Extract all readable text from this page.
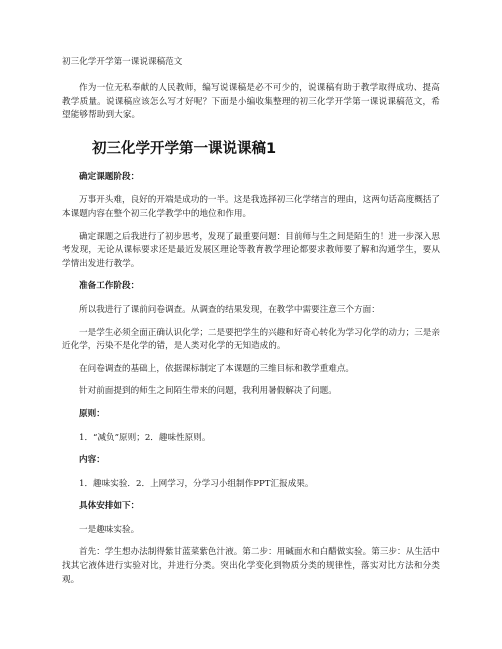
初三化学开学第一课说课稿范文
作为一位无私奉献的人民教师，编写说课稿是必不可少的，说课稿有助于教学取得成功、提高教学质量。说课稿应该怎么写才好呢？下面是小编收集整理的初三化学开学第一课说课稿范文，希望能够帮助到大家。
初三化学开学第一课说课稿1
确定课题阶段：
万事开头难，良好的开端是成功的一半。这是我选择初三化学绪言的理由，这两句话高度概括了本课题内容在整个初三化学教学中的地位和作用。
确定课题之后我进行了初步思考，发现了最重要问题：目前师与生之间是陌生的！进一步深入思考发现，无论从课标要求还是最近发展区理论等教育教学理论都要求教师要了解和沟通学生，要从学情出发进行教学。
准备工作阶段：
所以我进行了课前问卷调查。从调查的结果发现，在教学中需要注意三个方面：
一是学生必须全面正确认识化学；二是要把学生的兴趣和好奇心转化为学习化学的动力；三是亲近化学，污染不是化学的错，是人类对化学的无知造成的。
在问卷调查的基础上，依据课标制定了本课题的三维目标和教学重难点。
针对前面提到的师生之间陌生带来的问题，我利用暑假解决了问题。
原则：
1．“减负”原则；2．趣味性原则。
内容：
1．趣味实验．2．上网学习，分学习小组制作PPT汇报成果。
具体安排如下：
一是趣味实验。
首先：学生想办法制得紫甘蓝菜紫色汁液。第二步：用碱面水和白醋做实验。第三步：从生活中找其它液体进行实验对比，并进行分类。突出化学变化到物质分类的规律性，落实对比方法和分类观。
